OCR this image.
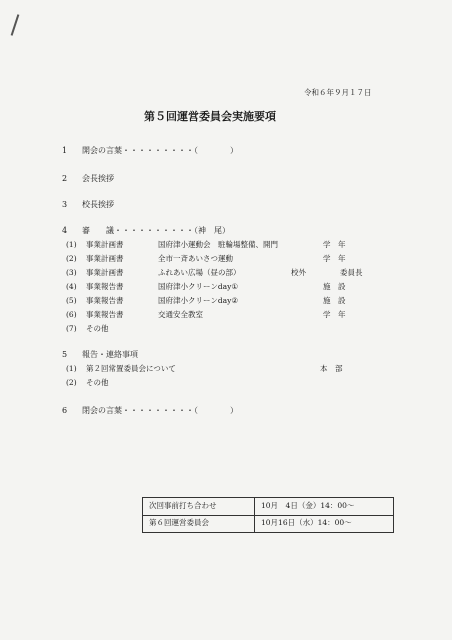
令和６年９月１７日
第５回運営委員会実施要項
1 開会の言葉・・・・・・・・・（　　　　）
2 会長挨拶
3 校長挨拶
4 審　　議・・・・・・・・・・（神　尾）
(1) 事業計画書	国府津小運動会　駐輪場整備、開門	学　年
(2) 事業計画書	全市一斉あいさつ運動	学　年
(3) 事業計画書	ふれあい広場（昼の部）	校外	委員長
(4) 事業報告書	国府津小クリーンday①	施　設
(5) 事業報告書	国府津小クリーンday②	施　設
(6) 事業報告書	交通安全教室	学　年
(7) その他
5 報告・連絡事項
(1) 第２回常置委員会について	本　部
(2) その他
6 閉会の言葉・・・・・・・・・（　　　　）
次回事前打ち合わせ	10月　4日（金）14：00～
第６回運営委員会	10月16日（水）14：00～
